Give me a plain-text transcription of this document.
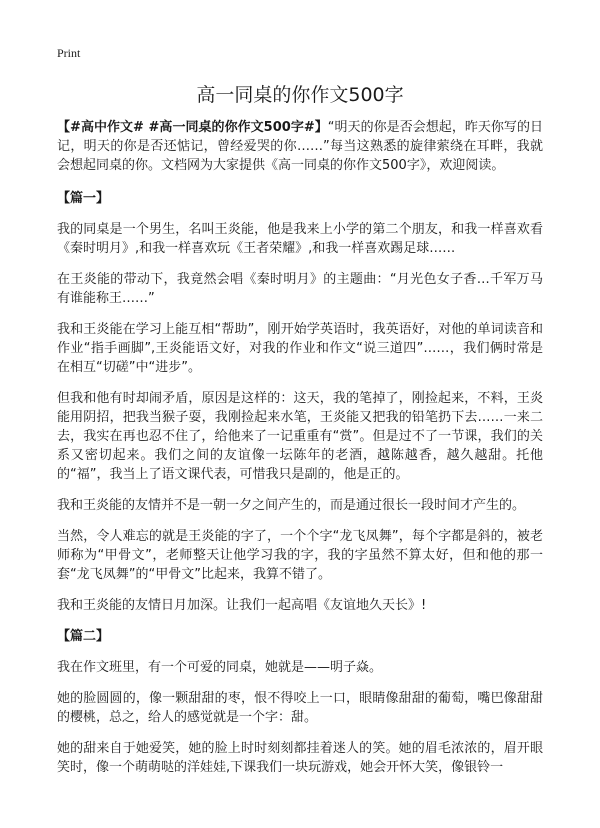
Print
高一同桌的你作文500字

【#高中作文# #高一同桌的你作文500字#】“明天的你是否会想起，昨天你写的日记，明天的你是否还惦记，曾经爱哭的你……”每当这熟悉的旋律萦绕在耳畔，我就会想起同桌的你。文档网为大家提供《高一同桌的你作文500字》，欢迎阅读。

【篇一】

我的同桌是一个男生，名叫王炎能，他是我来上小学的第二个朋友，和我一样喜欢看《秦时明月》,和我一样喜欢玩《王者荣耀》,和我一样喜欢踢足球……

在王炎能的带动下，我竟然会唱《秦时明月》的主题曲：“月光色女子香…千军万马有谁能称王……”

我和王炎能在学习上能互相“帮助”，刚开始学英语时，我英语好，对他的单词读音和作业“指手画脚”,王炎能语文好，对我的作业和作文“说三道四”……，我们俩时常是在相互“切磋”中“进步”。

但我和他有时却闹矛盾，原因是这样的：这天，我的笔掉了，刚捡起来，不料，王炎能用阴招，把我当猴子耍，我刚捡起来水笔，王炎能又把我的铅笔扔下去……一来二去，我实在再也忍不住了，给他来了一记重重有“赏”。但是过不了一节课，我们的关系又密切起来。我们之间的友谊像一坛陈年的老酒，越陈越香，越久越甜。托他的“福”，我当上了语文课代表，可惜我只是副的，他是正的。

我和王炎能的友情并不是一朝一夕之间产生的，而是通过很长一段时间才产生的。

当然，令人难忘的就是王炎能的字了，一个个字“龙飞凤舞”，每个字都是斜的，被老师称为“甲骨文”，老师整天让他学习我的字，我的字虽然不算太好，但和他的那一套“龙飞凤舞”的“甲骨文”比起来，我算不错了。

我和王炎能的友情日月加深。让我们一起高唱《友谊地久天长》!

【篇二】

我在作文班里，有一个可爱的同桌，她就是——明子焱。

她的脸圆圆的，像一颗甜甜的枣，恨不得咬上一口，眼睛像甜甜的葡萄，嘴巴像甜甜的樱桃，总之，给人的感觉就是一个字：甜。

她的甜来自于她爱笑，她的脸上时时刻刻都挂着迷人的笑。她的眉毛浓浓的，眉开眼笑时，像一个萌萌哒的洋娃娃,下课我们一块玩游戏，她会开怀大笑，像银铃一
